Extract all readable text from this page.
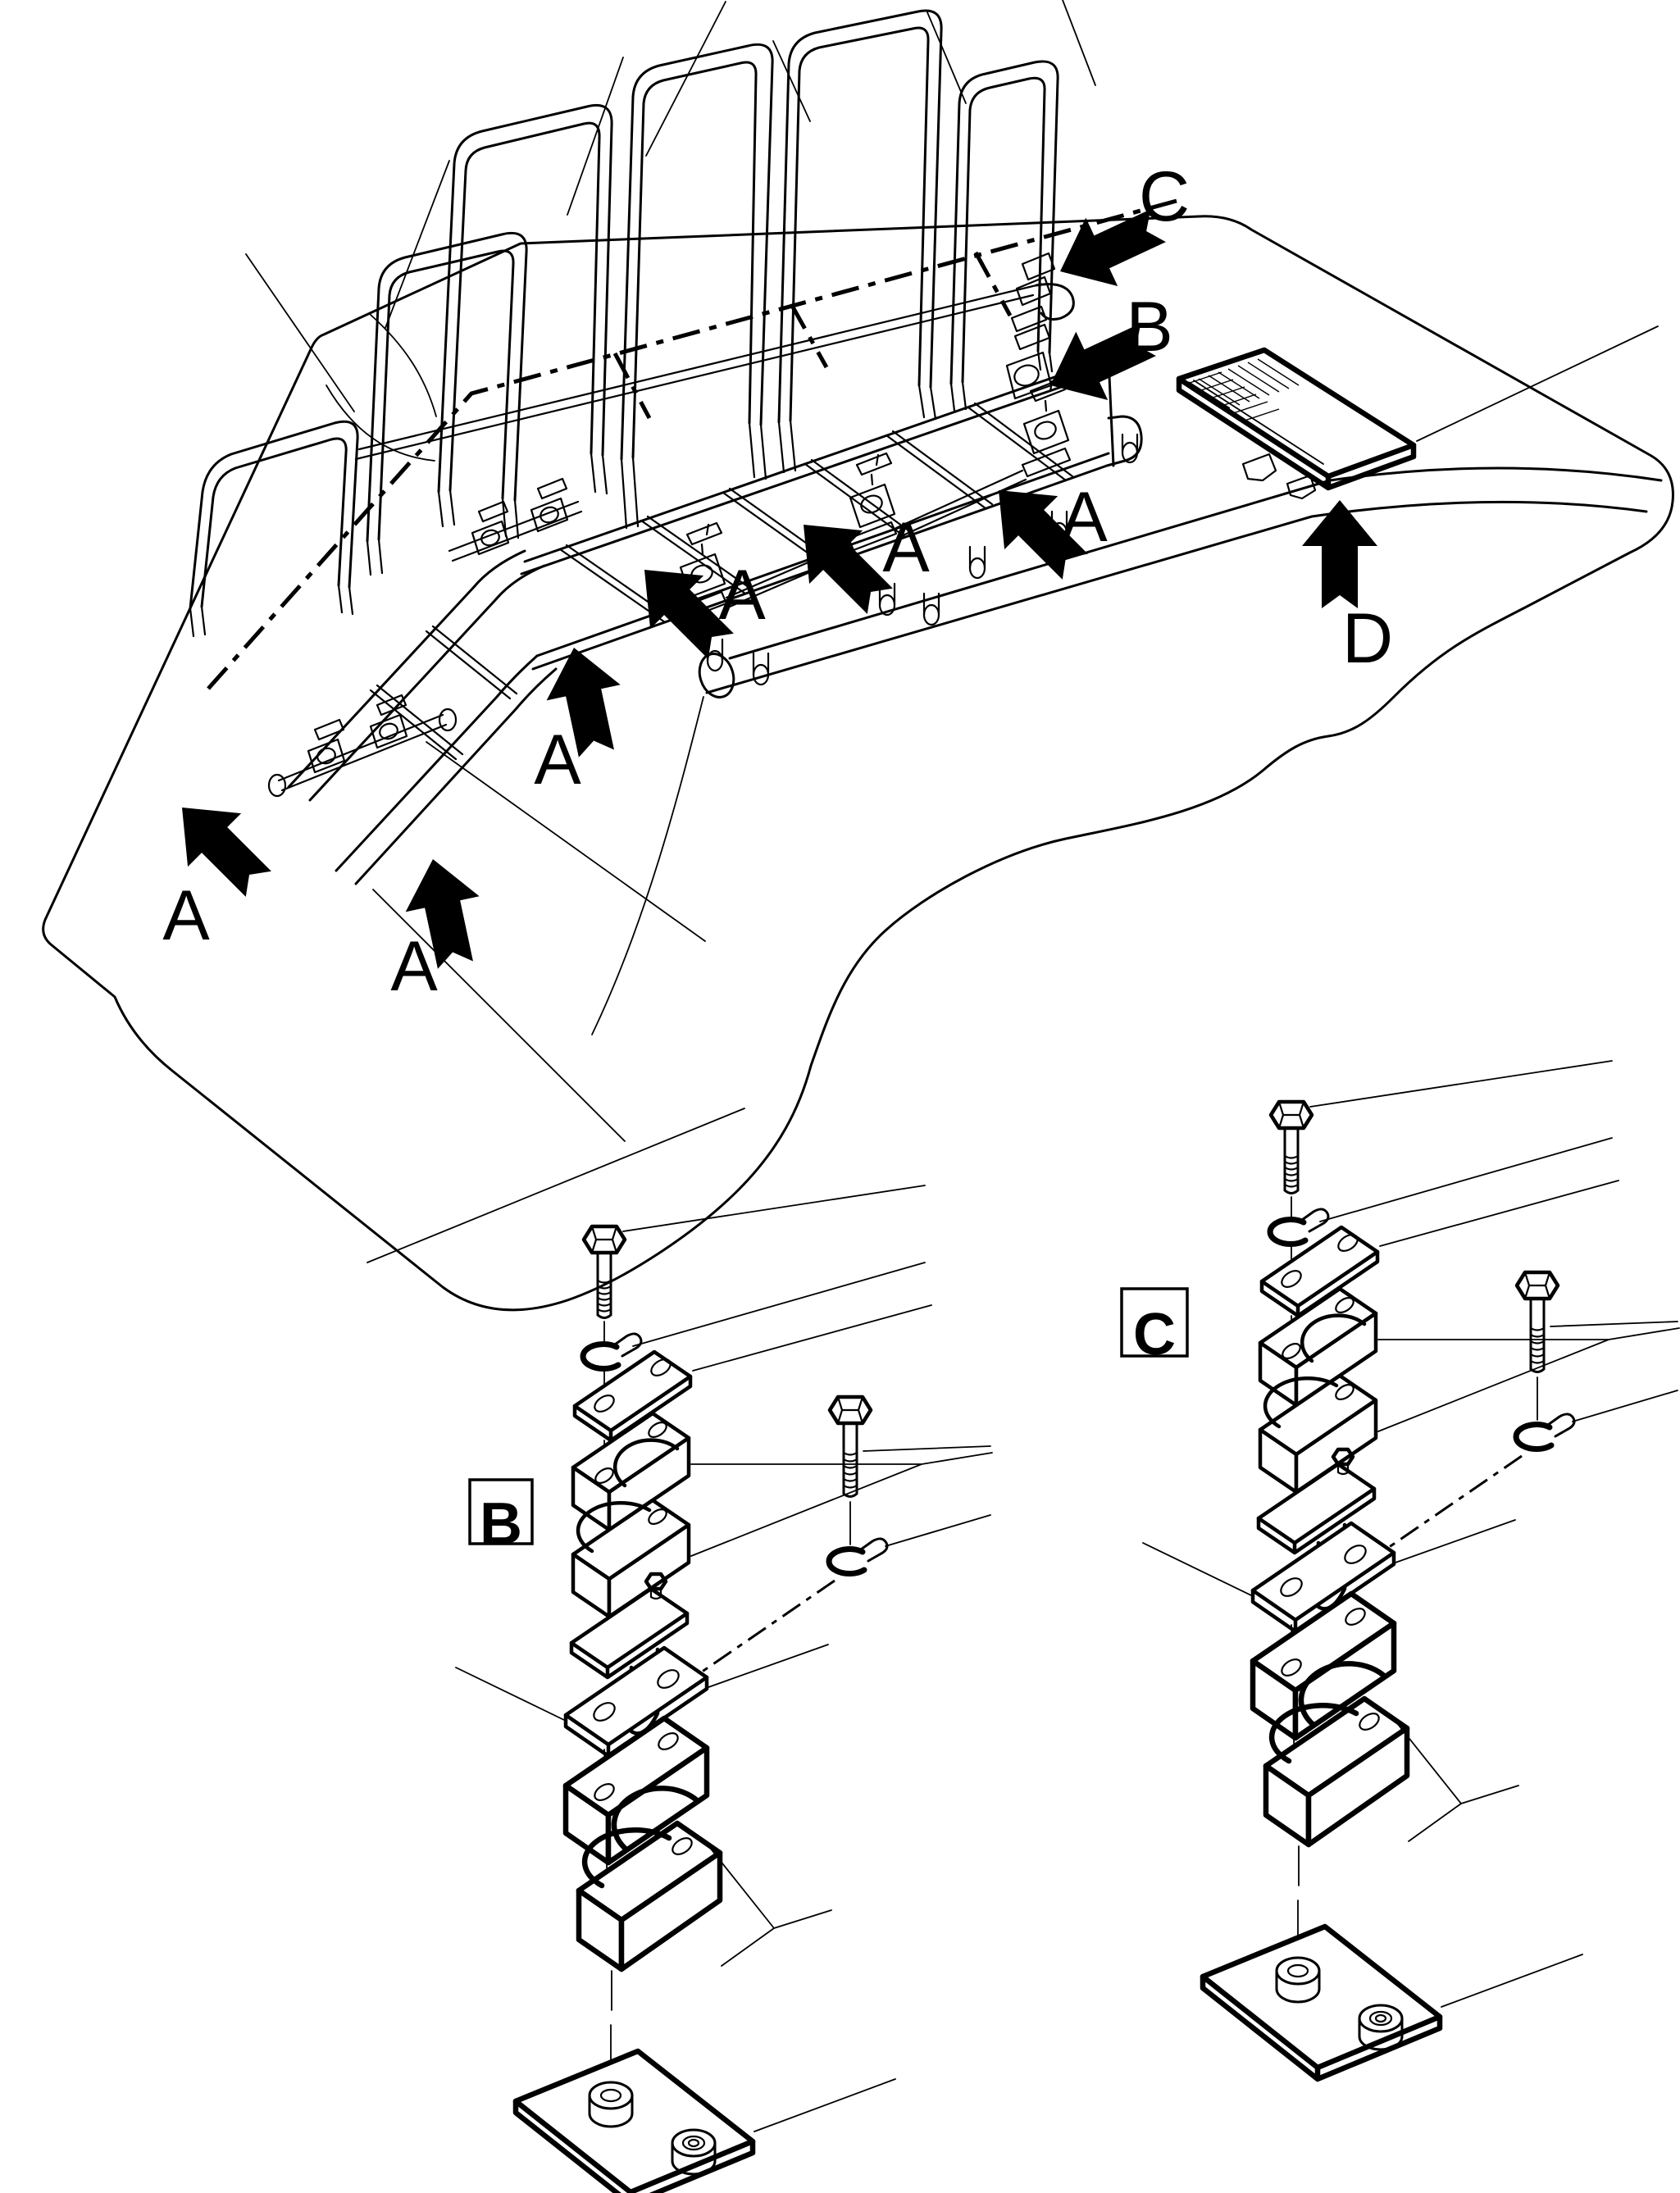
B
C
A
A
A
A
A A
B
C
D
